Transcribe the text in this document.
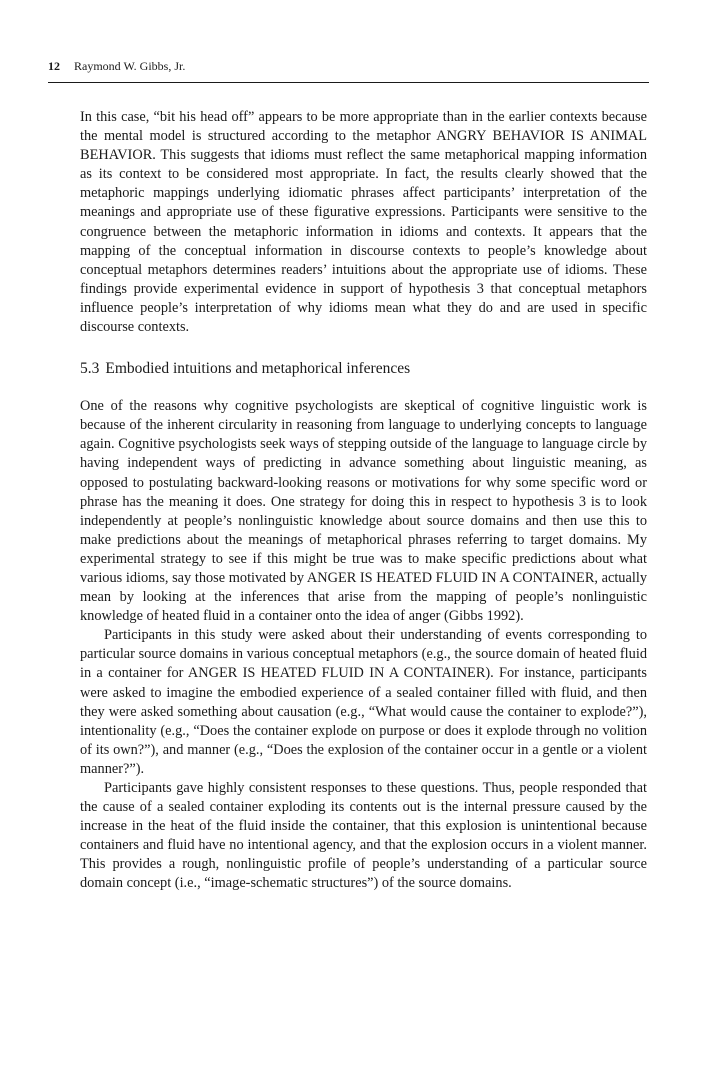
12 Raymond W. Gibbs, Jr.

In this case, “bit his head off” appears to be more appropriate than in the earlier contexts because the mental model is structured according to the metaphor ANGRY BEHAVIOR IS ANIMAL BEHAVIOR. This suggests that idioms must reflect the same metaphorical mapping information as its context to be considered most appropriate. In fact, the results clearly showed that the metaphoric mappings underlying idiomatic phrases affect participants’ interpretation of the meanings and appropriate use of these figurative expressions. Participants were sensitive to the congruence between the metaphoric information in idioms and contexts. It appears that the mapping of the conceptual information in discourse contexts to people’s knowledge about conceptual metaphors determines readers’ intuitions about the appropriate use of idioms. These findings provide experimental evidence in support of hypothesis 3 that conceptual metaphors influence people’s interpretation of why idioms mean what they do and are used in specific discourse contexts.

5.3 Embodied intuitions and metaphorical inferences

One of the reasons why cognitive psychologists are skeptical of cognitive linguistic work is because of the inherent circularity in reasoning from language to underlying concepts to language again. Cognitive psychologists seek ways of stepping outside of the language to language circle by having independent ways of predicting in advance something about linguistic meaning, as opposed to postulating backward-looking reasons or motivations for why some specific word or phrase has the meaning it does. One strategy for doing this in respect to hypothesis 3 is to look independently at people’s nonlinguistic knowledge about source domains and then use this to make predictions about the meanings of metaphorical phrases referring to target domains. My experimental strategy to see if this might be true was to make specific predictions about what various idioms, say those motivated by ANGER IS HEATED FLUID IN A CONTAINER, actually mean by looking at the inferences that arise from the mapping of people’s nonlinguistic knowledge of heated fluid in a container onto the idea of anger (Gibbs 1992).

Participants in this study were asked about their understanding of events corresponding to particular source domains in various conceptual metaphors (e.g., the source domain of heated fluid in a container for ANGER IS HEATED FLUID IN A CONTAINER). For instance, participants were asked to imagine the embodied experience of a sealed container filled with fluid, and then they were asked something about causation (e.g., “What would cause the container to explode?”), intentionality (e.g., “Does the container explode on purpose or does it explode through no volition of its own?”), and manner (e.g., “Does the explosion of the container occur in a gentle or a violent manner?”).

Participants gave highly consistent responses to these questions. Thus, people responded that the cause of a sealed container exploding its contents out is the internal pressure caused by the increase in the heat of the fluid inside the container, that this explosion is unintentional because containers and fluid have no intentional agency, and that the explosion occurs in a violent manner. This provides a rough, nonlinguistic profile of people’s understanding of a particular source domain concept (i.e., “image-schematic structures”) of the source domains.
